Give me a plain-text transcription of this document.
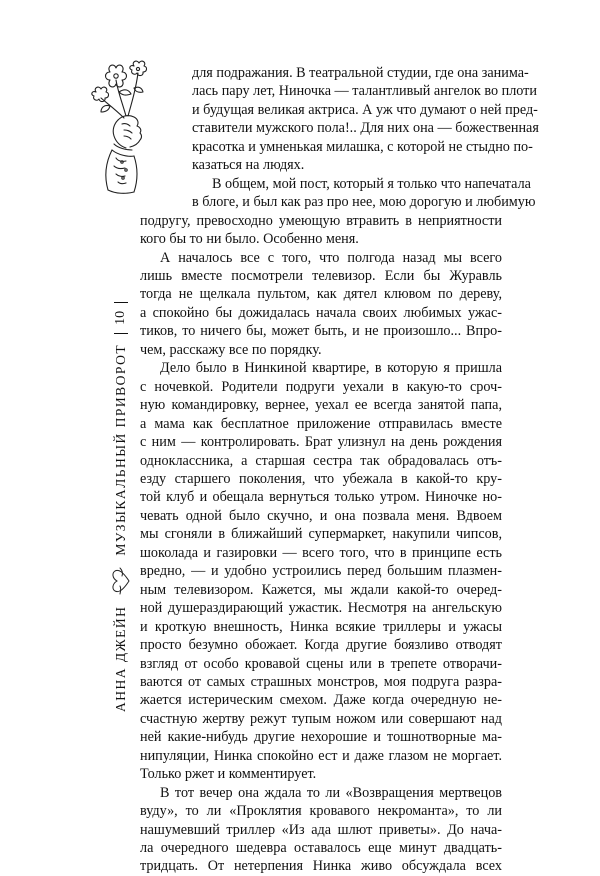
АННА ДЖЕЙН
МУЗЫКАЛЬНЫЙ ПРИВОРОТ
10
для подражания. В театральной студии, где она занима-
лась пару лет, Ниночка — талантливый ангелок во плоти
и будущая великая актриса. А уж что думают о ней пред-
ставители мужского пола!.. Для них она — божественная
красотка и умненькая милашка, с которой не стыдно по-
казаться на людях.
В общем, мой пост, который я только что напечатала
в блоге, и был как раз про нее, мою дорогую и любимую
подругу, превосходно умеющую втравить в неприятности
кого бы то ни было. Особенно меня.
А началось все с того, что полгода назад мы всего
лишь вместе посмотрели телевизор. Если бы Журавль
тогда не щелкала пультом, как дятел клювом по дереву,
а спокойно бы дожидалась начала своих любимых ужас-
тиков, то ничего бы, может быть, и не произошло... Впро-
чем, расскажу все по порядку.
Дело было в Нинкиной квартире, в которую я пришла
с ночевкой. Родители подруги уехали в какую-то сроч-
ную командировку, вернее, уехал ее всегда занятой папа,
а мама как бесплатное приложение отправилась вместе
с ним — контролировать. Брат улизнул на день рождения
одноклассника, а старшая сестра так обрадовалась отъ-
езду старшего поколения, что убежала в какой-то кру-
той клуб и обещала вернуться только утром. Ниночке но-
чевать одной было скучно, и она позвала меня. Вдвоем
мы сгоняли в ближайший супермаркет, накупили чипсов,
шоколада и газировки — всего того, что в принципе есть
вредно, — и удобно устроились перед большим плазмен-
ным телевизором. Кажется, мы ждали какой-то очеред-
ной душераздирающий ужастик. Несмотря на ангельскую
и кроткую внешность, Нинка всякие триллеры и ужасы
просто безумно обожает. Когда другие боязливо отводят
взгляд от особо кровавой сцены или в трепете отворачи-
ваются от самых страшных монстров, моя подруга разра-
жается истерическим смехом. Даже когда очередную не-
счастную жертву режут тупым ножом или совершают над
ней какие-нибудь другие нехорошие и тошнотворные ма-
нипуляции, Нинка спокойно ест и даже глазом не моргает.
Только ржет и комментирует.
В тот вечер она ждала то ли «Возвращения мертвецов
вуду», то ли «Проклятия кровавого некроманта», то ли
нашумевший триллер «Из ада шлют приветы». До нача-
ла очередного шедевра оставалось еще минут двадцать-
тридцать. От нетерпения Нинка живо обсуждала всех
